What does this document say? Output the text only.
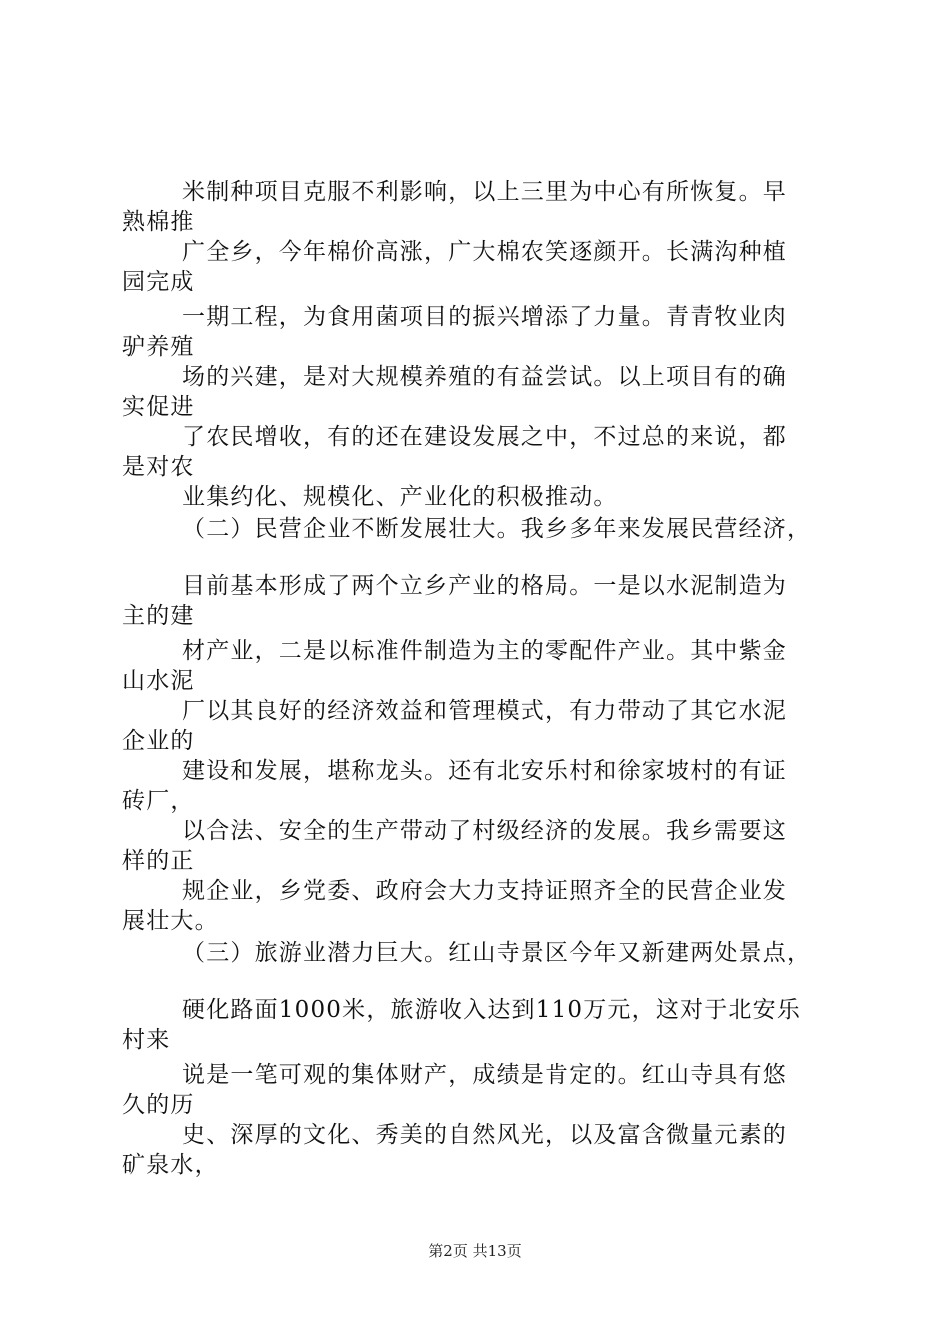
米制种项目克服不利影响，以上三里为中心有所恢复。早
熟棉推
广全乡，今年棉价高涨，广大棉农笑逐颜开。长满沟种植
园完成
一期工程，为食用菌项目的振兴增添了力量。青青牧业肉
驴养殖
场的兴建，是对大规模养殖的有益尝试。以上项目有的确
实促进
了农民增收，有的还在建设发展之中，不过总的来说，都
是对农
业集约化、规模化、产业化的积极推动。
（二）民营企业不断发展壮大。我乡多年来发展民营经济，
目前基本形成了两个立乡产业的格局。一是以水泥制造为
主的建
材产业，二是以标准件制造为主的零配件产业。其中紫金
山水泥
厂以其良好的经济效益和管理模式，有力带动了其它水泥
企业的
建设和发展，堪称龙头。还有北安乐村和徐家坡村的有证
砖厂，
以合法、安全的生产带动了村级经济的发展。我乡需要这
样的正
规企业，乡党委、政府会大力支持证照齐全的民营企业发
展壮大。
（三）旅游业潜力巨大。红山寺景区今年又新建两处景点，
硬化路面1000米，旅游收入达到110万元，这对于北安乐
村来
说是一笔可观的集体财产，成绩是肯定的。红山寺具有悠
久的历
史、深厚的文化、秀美的自然风光，以及富含微量元素的
矿泉水，
第2页 共13页
